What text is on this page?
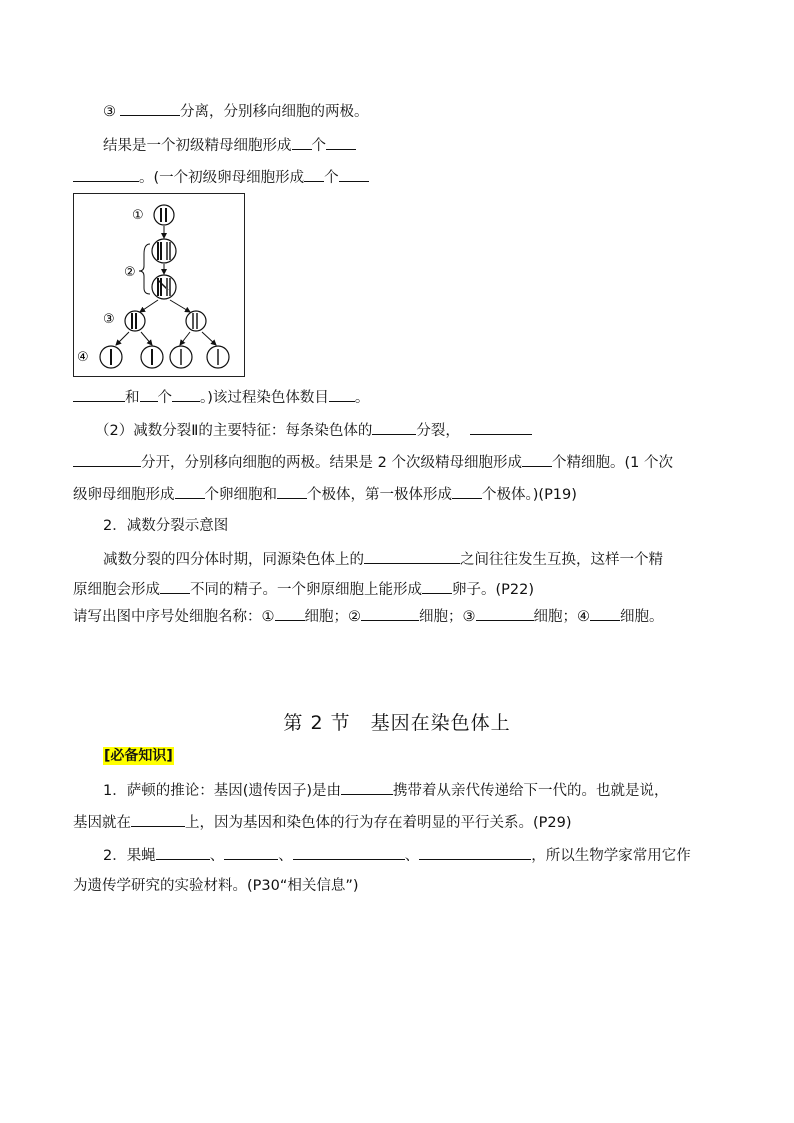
③	分离，分别移向细胞的两极。
结果是一个初级精母细胞形成 个
。(一个初级卵母细胞形成 个
①
②
③
④
和 个 。)该过程染色体数目 。
（2）减数分裂Ⅱ的主要特征：每条染色体的	分裂，
分开，分别移向细胞的两极。结果是 2 个次级精母细胞形成 个精细胞。(1 个次
级卵母细胞形成 个卵细胞和 个极体，第一极体形成 个极体。)(P19)
2．减数分裂示意图
减数分裂的四分体时期，同源染色体上的	之间往往发生互换，这样一个精
原细胞会形成 不同的精子。一个卵原细胞上能形成 卵子。(P22)
请写出图中序号处细胞名称：① 细胞；②	细胞；③	细胞；④ 细胞。
第 2 节　基因在染色体上
[必备知识]
1．萨顿的推论：基因(遗传因子)是由	携带着从亲代传递给下一代的。也就是说，
基因就在	上，因为基因和染色体的行为存在着明显的平行关系。(P29)
2．果蝇	、	、	、	，所以生物学家常用它作
为遗传学研究的实验材料。(P30“相关信息”)
